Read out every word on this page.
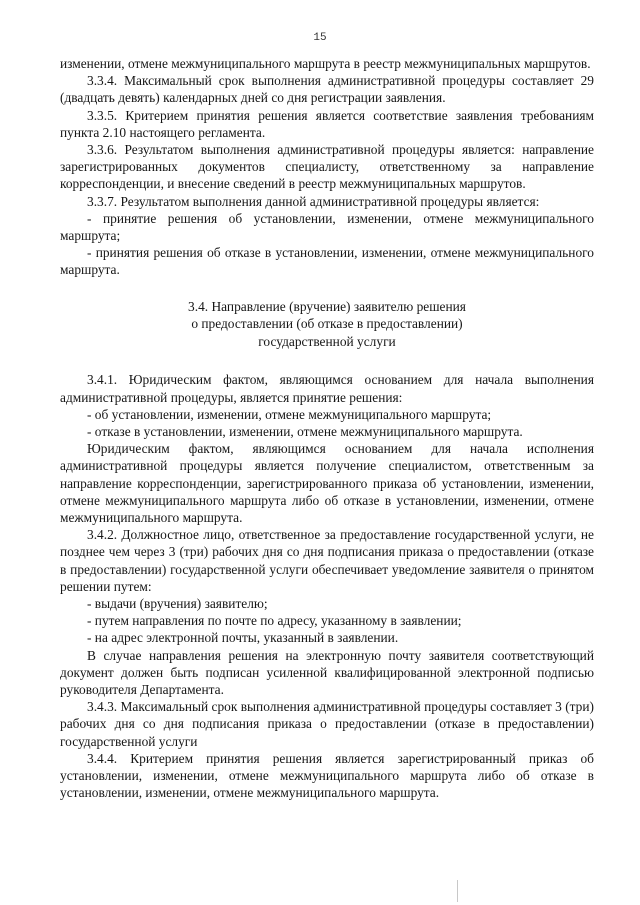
15

изменении, отмене межмуниципального маршрута в реестр межмуниципальных маршрутов.

3.3.4. Максимальный срок выполнения административной процедуры составляет 29 (двадцать девять) календарных дней со дня регистрации заявления.

3.3.5. Критерием принятия решения является соответствие заявления требованиям пункта 2.10 настоящего регламента.

3.3.6. Результатом выполнения административной процедуры является: направление зарегистрированных документов специалисту, ответственному за направление корреспонденции, и внесение сведений в реестр межмуниципальных маршрутов.

3.3.7. Результатом выполнения данной административной процедуры является:

- принятие решения об установлении, изменении, отмене межмуниципального маршрута;

- принятия решения об отказе в установлении, изменении, отмене межмуниципального маршрута.

3.4. Направление (вручение) заявителю решения
о предоставлении (об отказе в предоставлении)
государственной услуги

3.4.1. Юридическим фактом, являющимся основанием для начала выполнения административной процедуры, является принятие решения:

- об установлении, изменении, отмене межмуниципального маршрута;

- отказе в установлении, изменении, отмене межмуниципального маршрута.

Юридическим фактом, являющимся основанием для начала исполнения административной процедуры является получение специалистом, ответственным за направление корреспонденции, зарегистрированного приказа об установлении, изменении, отмене межмуниципального маршрута либо об отказе в установлении, изменении, отмене межмуниципального маршрута.

3.4.2. Должностное лицо, ответственное за предоставление государственной услуги, не позднее чем через 3 (три) рабочих дня со дня подписания приказа о предоставлении (отказе в предоставлении) государственной услуги обеспечивает уведомление заявителя о принятом решении путем:

- выдачи (вручения) заявителю;

- путем направления по почте по адресу, указанному в заявлении;

- на адрес электронной почты, указанный в заявлении.

В случае направления решения на электронную почту заявителя соответствующий документ должен быть подписан усиленной квалифицированной электронной подписью руководителя Департамента.

3.4.3. Максимальный срок выполнения административной процедуры составляет 3 (три) рабочих дня со дня подписания приказа о предоставлении (отказе в предоставлении) государственной услуги

3.4.4. Критерием принятия решения является зарегистрированный приказ об установлении, изменении, отмене межмуниципального маршрута либо об отказе в установлении, изменении, отмене межмуниципального маршрута.
